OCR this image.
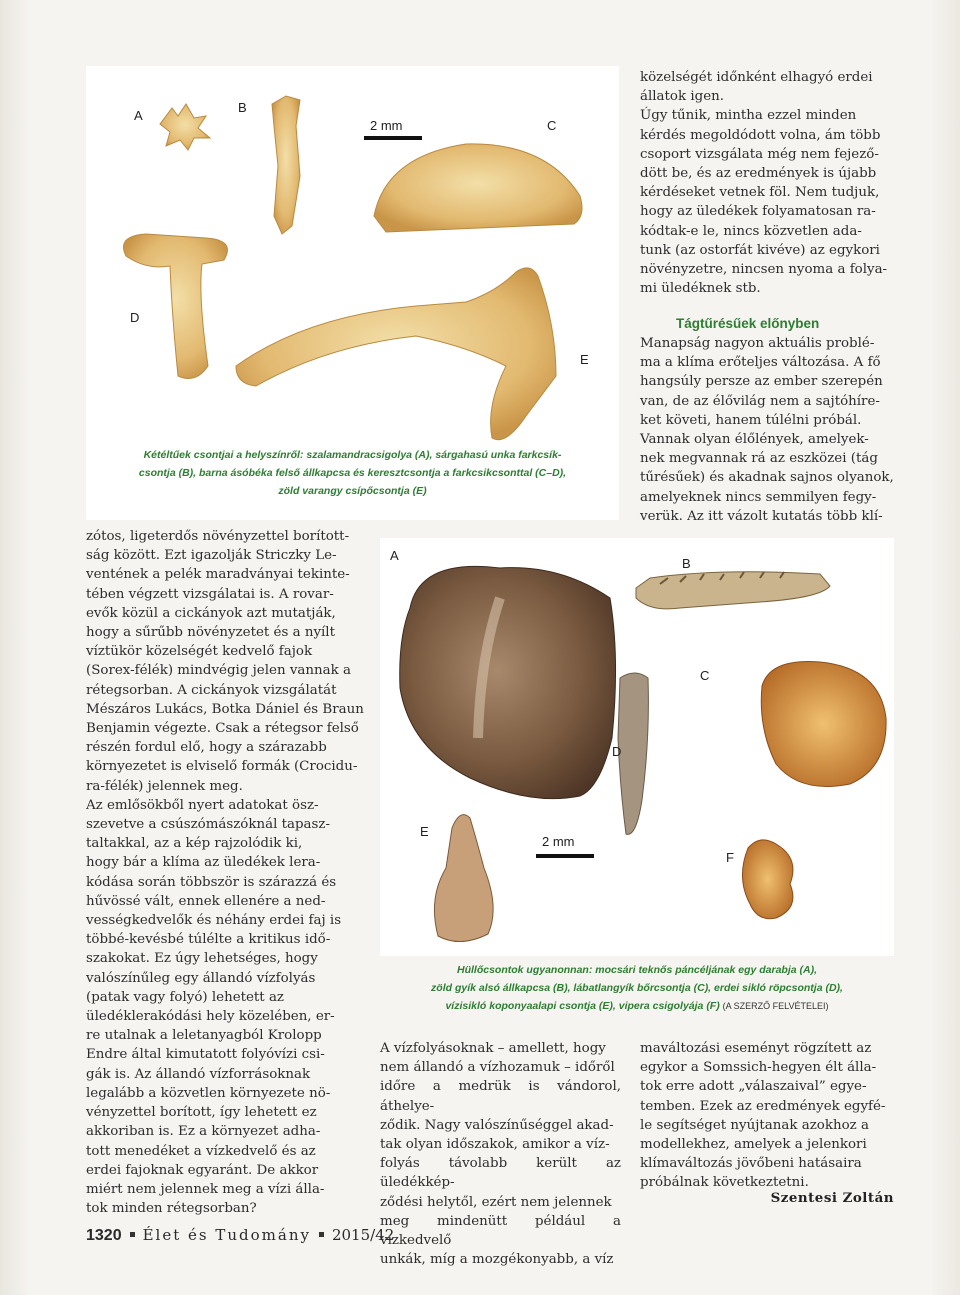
A
B
C
D
E
2 mm
Kétéltűek csontjai a helyszínről: szalamandracsigolya (A), sárgahasú unka farkcsík-
csontja (B), barna ásóbéka felső állkapcsa és keresztcsontja a farkcsikcsonttal (C–D),
zöld varangy csípőcsontja (E)

közelségét időnként elhagyó erdei
állatok igen.
Úgy tűnik, mintha ezzel minden
kérdés megoldódott volna, ám több
csoport vizsgálata még nem fejező-
dött be, és az eredmények is újabb
kérdéseket vetnek föl. Nem tudjuk,
hogy az üledékek folyamatosan ra-
kódtak-e le, nincs közvetlen ada-
tunk (az ostorfát kivéve) az egykori
növényzetre, nincsen nyoma a folya-
mi üledéknek stb.

Tágtűrésűek előnyben

Manapság nagyon aktuális problé-
ma a klíma erőteljes változása. A fő
hangsúly persze az ember szerepén
van, de az élővilág nem a sajtóhíre-
ket követi, hanem túlélni próbál.
Vannak olyan élőlények, amelyek-
nek megvannak rá az eszközei (tág
tűrésűek) és akadnak sajnos olyanok,
amelyeknek nincs semmilyen fegy-
verük. Az itt vázolt kutatás több klí-

zótos, ligeterdős növényzettel borított-
ság között. Ezt igazolják Striczky Le-
ventének a pelék maradványai tekinte-
tében végzett vizsgálatai is. A rovar-
evők közül a cickányok azt mutatják,
hogy a sűrűbb növényzetet és a nyílt
víztükör közelségét kedvelő fajok
(Sorex-félék) mindvégig jelen vannak a
rétegsorban. A cickányok vizsgálatát
Mészáros Lukács, Botka Dániel és Braun
Benjamin végezte. Csak a rétegsor felső
részén fordul elő, hogy a szárazabb
környezetet is elviselő formák (Crocidu-
ra-félék) jelennek meg.
Az emlősökből nyert adatokat ösz-
szevetve a csúszómászóknál tapasz-
taltakkal, az a kép rajzolódik ki,
hogy bár a klíma az üledékek lera-
kódása során többször is szárazzá és
hűvössé vált, ennek ellenére a ned-
vességkedvelők és néhány erdei faj is
többé-kevésbé túlélte a kritikus idő-
szakokat. Ez úgy lehetséges, hogy
valószínűleg egy állandó vízfolyás
(patak vagy folyó) lehetett az
üledéklerakódási hely közelében, er-
re utalnak a leletanyagból Krolopp
Endre által kimutatott folyóvízi csi-
gák is. Az állandó vízforrásoknak
legalább a közvetlen környezete nö-
vényzettel borított, így lehetett ez
akkoriban is. Ez a környezet adha-
tott menedéket a vízkedvelő és az
erdei fajoknak egyaránt. De akkor
miért nem jelennek meg a vízi álla-
tok minden rétegsorban?

A
B
C
D
E
F
2 mm
Hüllőcsontok ugyanonnan: mocsári teknős páncéljának egy darabja (A),
zöld gyík alsó állkapcsa (B), lábatlangyík bőrcsontja (C), erdei sikló röpcsontja (D),
vízisikló koponyaalapi csontja (E), vipera csigolyája (F) (A SZERZŐ FELVÉTELEI)

A vízfolyásoknak – amellett, hogy
nem állandó a vízhozamuk – időről
időre a medrük is vándorol, áthelye-
ződik. Nagy valószínűséggel akad-
tak olyan időszakok, amikor a víz-
folyás távolabb került az üledékkép-
ződési helytől, ezért nem jelennek
meg mindenütt például a vízkedvelő
unkák, míg a mozgékonyabb, a víz

maváltozási eseményt rögzített az
egykor a Somssich-hegyen élt álla-
tok erre adott „válaszaival” egye-
temben. Ezek az eredmények egyfé-
le segítséget nyújtanak azokhoz a
modellekhez, amelyek a jelenkori
klímaváltozás jövőbeni hatásaira
próbálnak következtetni.

Szentesi Zoltán
1320 Élet és Tudomány 2015/42
